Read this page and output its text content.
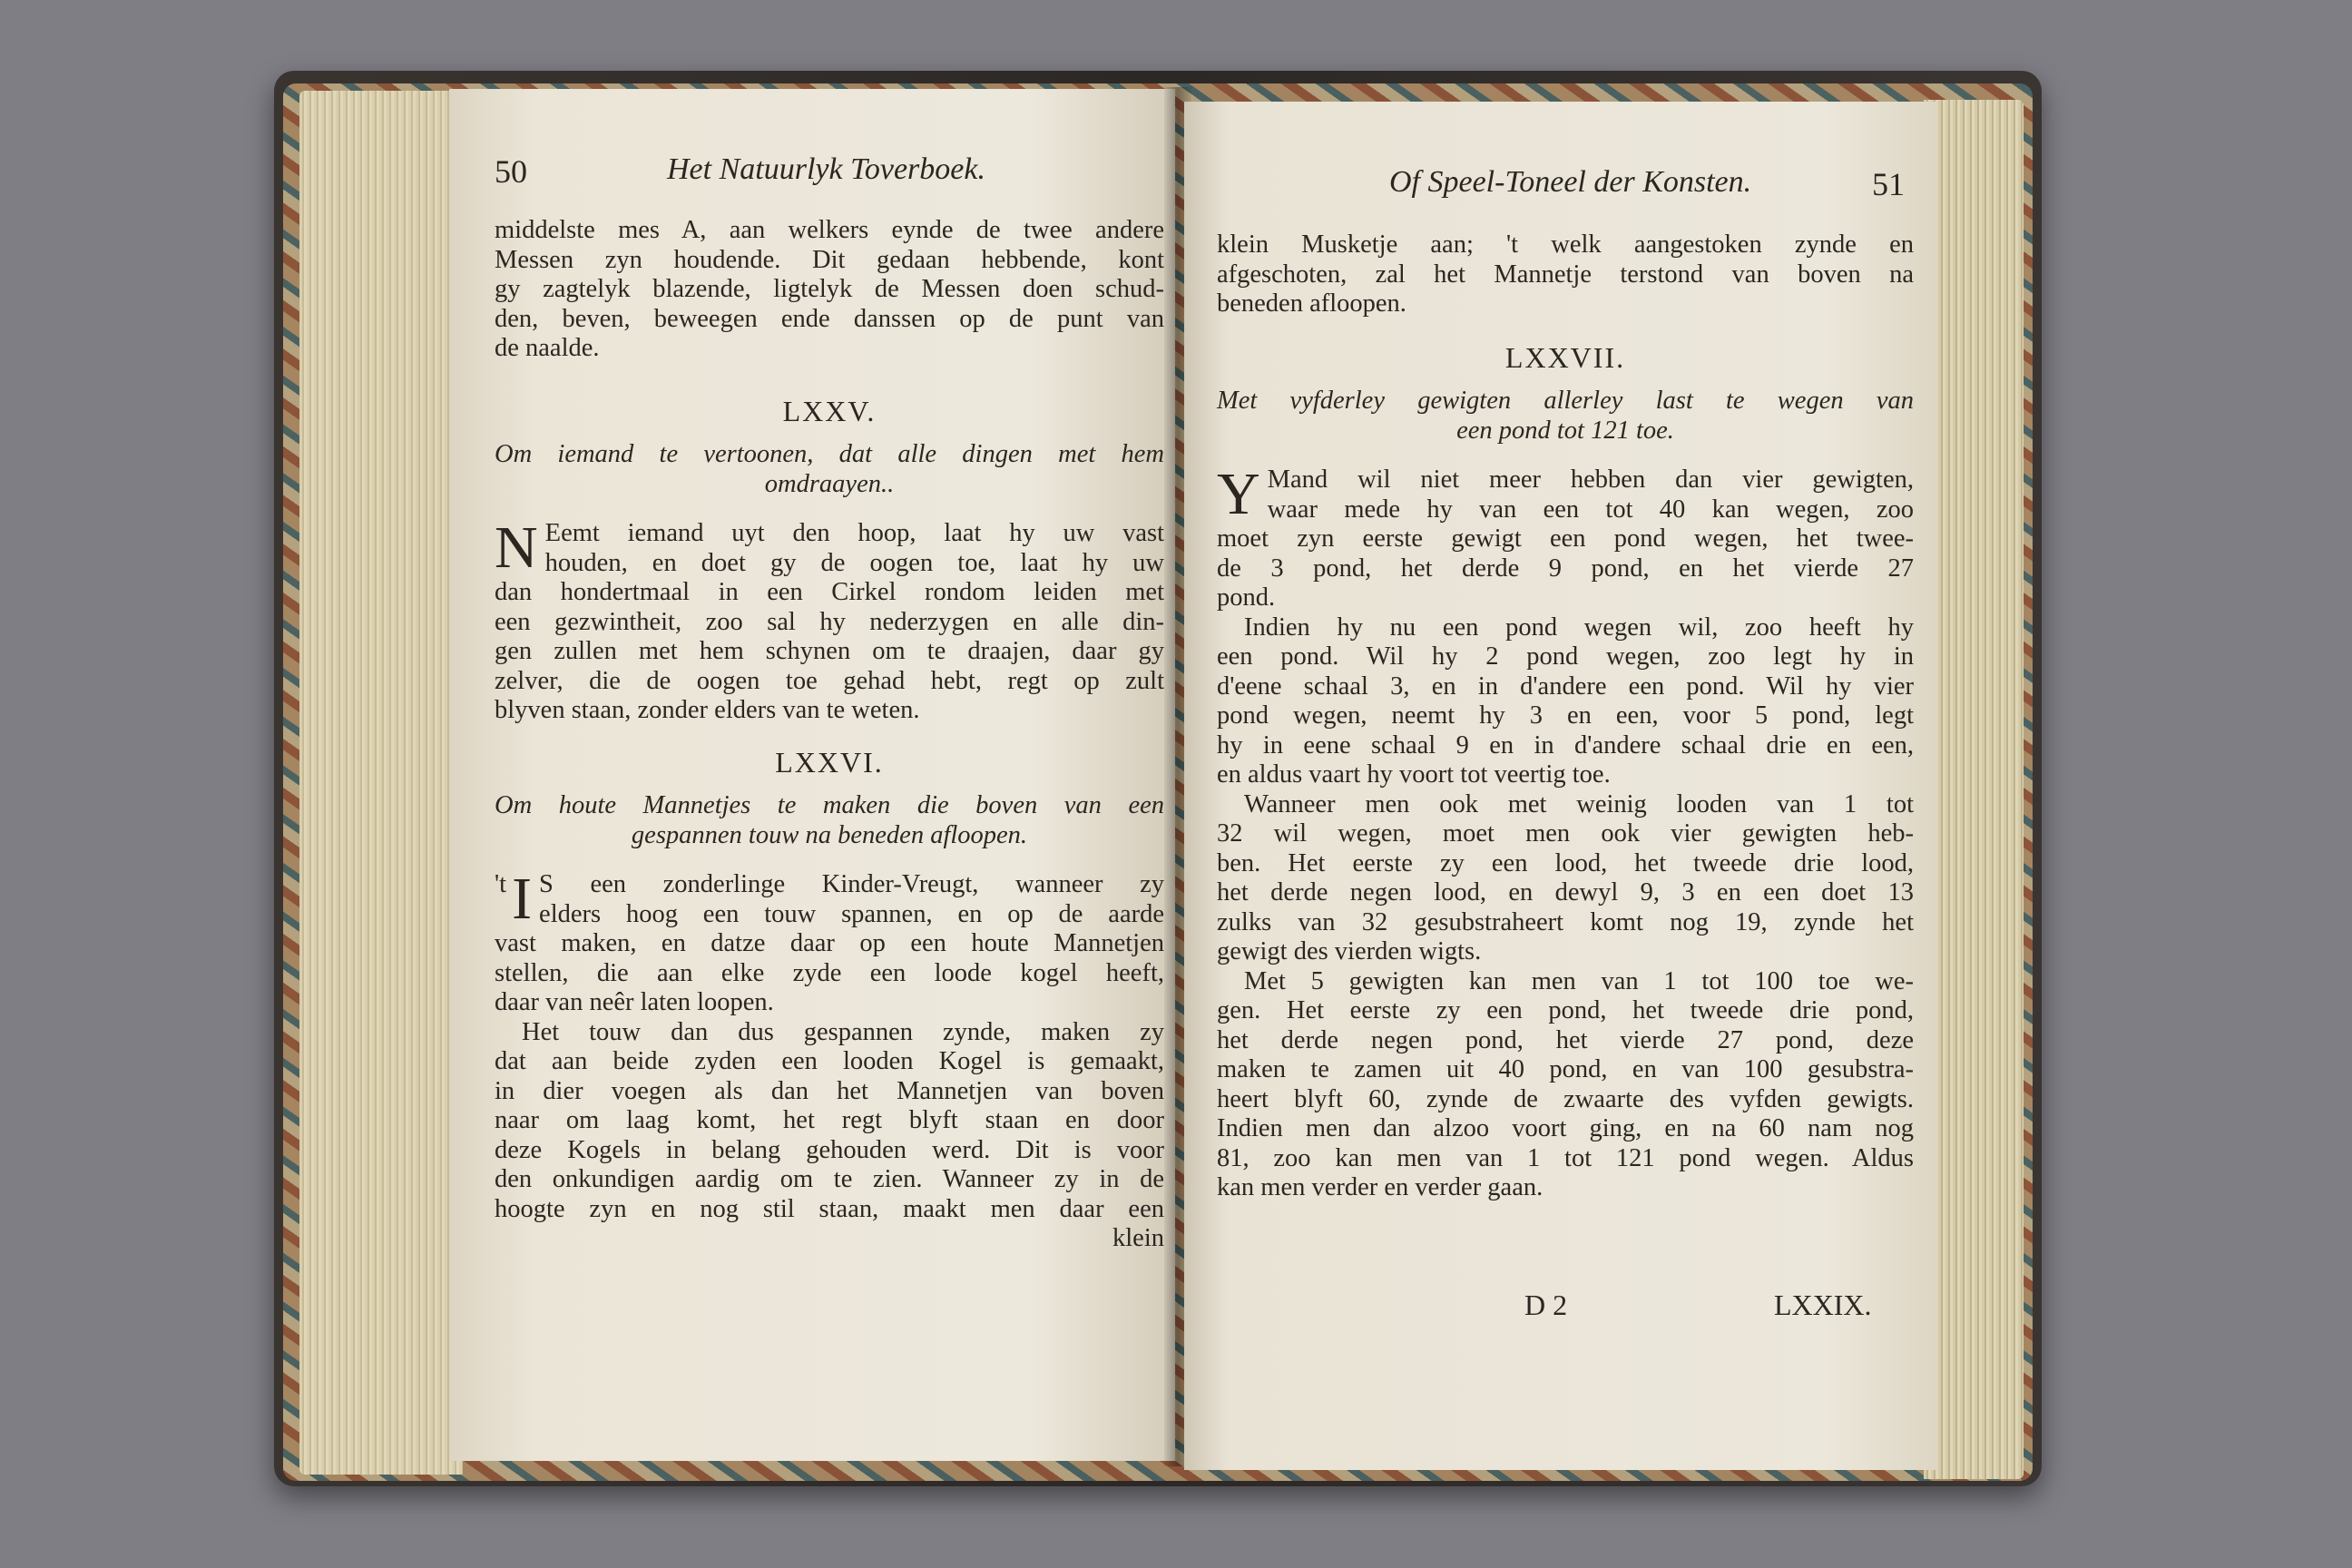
50	Het Natuurlyk Toverboek.
middelste mes A, aan welkers eynde de twee andere
Messen zyn houdende. Dit gedaan hebbende, kont
gy zagtelyk blazende, ligtelyk de Messen doen schud-
den, beven, beweegen ende danssen op de punt van
de naalde.
LXXV.
Om iemand te vertoonen, dat alle dingen met hem
omdraayen..
N Eemt iemand uyt den hoop, laat hy uw vast
houden, en doet gy de oogen toe, laat hy uw
dan hondertmaal in een Cirkel rondom leiden met
een gezwintheit, zoo sal hy nederzygen en alle din-
gen zullen met hem schynen om te draajen, daar gy
zelver, die de oogen toe gehad hebt, regt op zult
blyven staan, zonder elders van te weten.
LXXVI.
Om houte Mannetjes te maken die boven van een
gespannen touw na beneden afloopen.
't I S een zonderlinge Kinder-Vreugt, wanneer zy
elders hoog een touw spannen, en op de aarde
vast maken, en datze daar op een houte Mannetjen
stellen, die aan elke zyde een loode kogel heeft,
daar van neêr laten loopen.
Het touw dan dus gespannen zynde, maken zy
dat aan beide zyden een looden Kogel is gemaakt,
in dier voegen als dan het Mannetjen van boven
naar om laag komt, het regt blyft staan en door
deze Kogels in belang gehouden werd. Dit is voor
den onkundigen aardig om te zien. Wanneer zy in de
hoogte zyn en nog stil staan, maakt men daar een
klein
Of Speel-Toneel der Konsten.	51
klein Musketje aan; 't welk aangestoken zynde en
afgeschoten, zal het Mannetje terstond van boven na
beneden afloopen.
LXXVII.
Met vyfderley gewigten allerley last te wegen van
een pond tot 121 toe.
Y Mand wil niet meer hebben dan vier gewigten,
waar mede hy van een tot 40 kan wegen, zoo
moet zyn eerste gewigt een pond wegen, het twee-
de 3 pond, het derde 9 pond, en het vierde 27
pond.
Indien hy nu een pond wegen wil, zoo heeft hy
een pond. Wil hy 2 pond wegen, zoo legt hy in
d'eene schaal 3, en in d'andere een pond. Wil hy vier
pond wegen, neemt hy 3 en een, voor 5 pond, legt
hy in eene schaal 9 en in d'andere schaal drie en een,
en aldus vaart hy voort tot veertig toe.
Wanneer men ook met weinig looden van 1 tot
32 wil wegen, moet men ook vier gewigten heb-
ben. Het eerste zy een lood, het tweede drie lood,
het derde negen lood, en dewyl 9, 3 en een doet 13
zulks van 32 gesubstraheert komt nog 19, zynde het
gewigt des vierden wigts.
Met 5 gewigten kan men van 1 tot 100 toe we-
gen. Het eerste zy een pond, het tweede drie pond,
het derde negen pond, het vierde 27 pond, deze
maken te zamen uit 40 pond, en van 100 gesubstra-
heert blyft 60, zynde de zwaarte des vyfden gewigts.
Indien men dan alzoo voort ging, en na 60 nam nog
81, zoo kan men van 1 tot 121 pond wegen. Aldus
kan men verder en verder gaan.
D 2	LXXIX.
